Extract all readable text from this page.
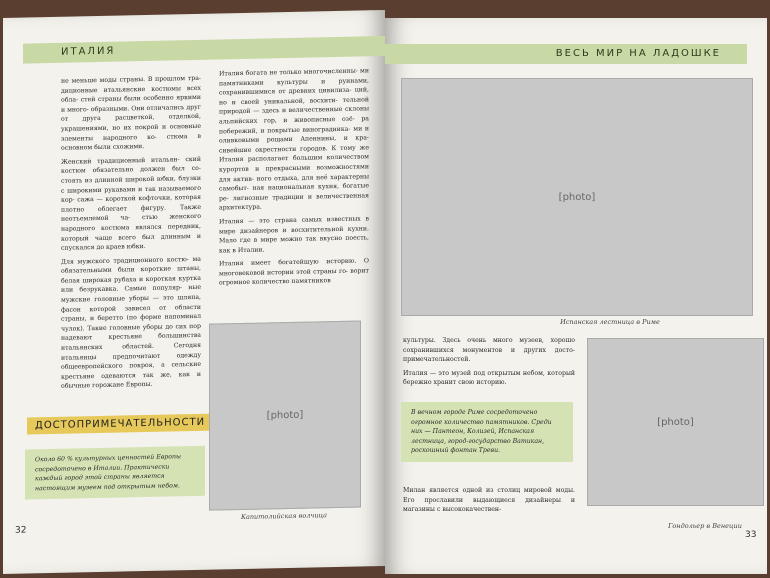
ИТАЛИЯ

не меньше моды страны. В прошлом тра- диционные итальянские костюмы всех обла- стей страны были особенно яркими и много- образными. Они отличались друг от друга расцветкой, отделкой, украшениями, но их покрой и основные элементы народного ко- стюма в основном были схожими.

Женский традиционный итальян- ский костюм обязательно должен был со- стоять из длинной широкой юбки, блузки с широкими рукавами и так называемого кор- сажа — короткой кофточки, которая плотно облегает фигуру. Также неотъемлемой ча- стью женского народного костюма являлся передник, который чаще всего был длинным и спускался до краев юбки.

Для мужского традиционного костю- ма обязательными были короткие штаны, белая широкая рубаха и короткая куртка или безрукавка. Самые популяр- ные мужские головные уборы — это шляпа, фасон которой зависел от области страны, и беретто (по форме напоминал чулок). Такие головные уборы до сих пор надевают крестьяне большинства итальянских областей. Сегодня итальянцы предпочитают одежду общеевропейского покроя, а сельские крестьяне одеваются так же, как и обычные горожане Европы.

Италия богата не только многочисленны- ми памятниками культуры и руинами, сохранившимися от древних цивилиза- ций, но и своей уникальной, восхити- тельной природой — здесь и величественные склоны альпийских гор, и живописные озё- ра побережий, и покрытые виноградника- ми и оливковыми рощами Апеннины, и кра- сивейшие окрестности городов. К тому же Италия располагает большим количеством курортов и прекрасными возможностями для актив- ного отдыха, для неё характерны самобыт- ная национальная кухня, богатые ре- лигиозные традиции и величественная архитектура.

Италия — это страна самых известных в мире дизайнеров и восхитительной кухни. Мало где в мире можно так вкусно поесть, как в Италии.

Италия имеет богатейшую историю. О многовековой истории этой страны го- ворит огромное количество памятников

ДОСТОПРИМЕЧАТЕЛЬНОСТИ
Около 60 % культурных ценностей Европы сосредоточено в Италии. Практически каждый город этой страны является настоящим музеем под открытым небом.
[photo]
Капитолийская волчица
32
ВЕСЬ МИР НА ЛАДОШКЕ
[photo]
Испанская лестница в Риме

культуры. Здесь очень много музеев, хорошо сохранившихся монументов и других досто- примечательностей.

Италия — это музей под открытым небом, который бережно хранит свою историю.

В вечном городе Риме сосредоточено огромное количество памятников. Среди них — Пантеон, Колизей, Испанская лестница, город-государство Ватикан, роскошный фонтан Треви.

Милан является одной из столиц мировой моды. Его прославили выдающиеся дизайнеры и магазины с высококачествен-

[photo]
Гондольер в Венеции
33
